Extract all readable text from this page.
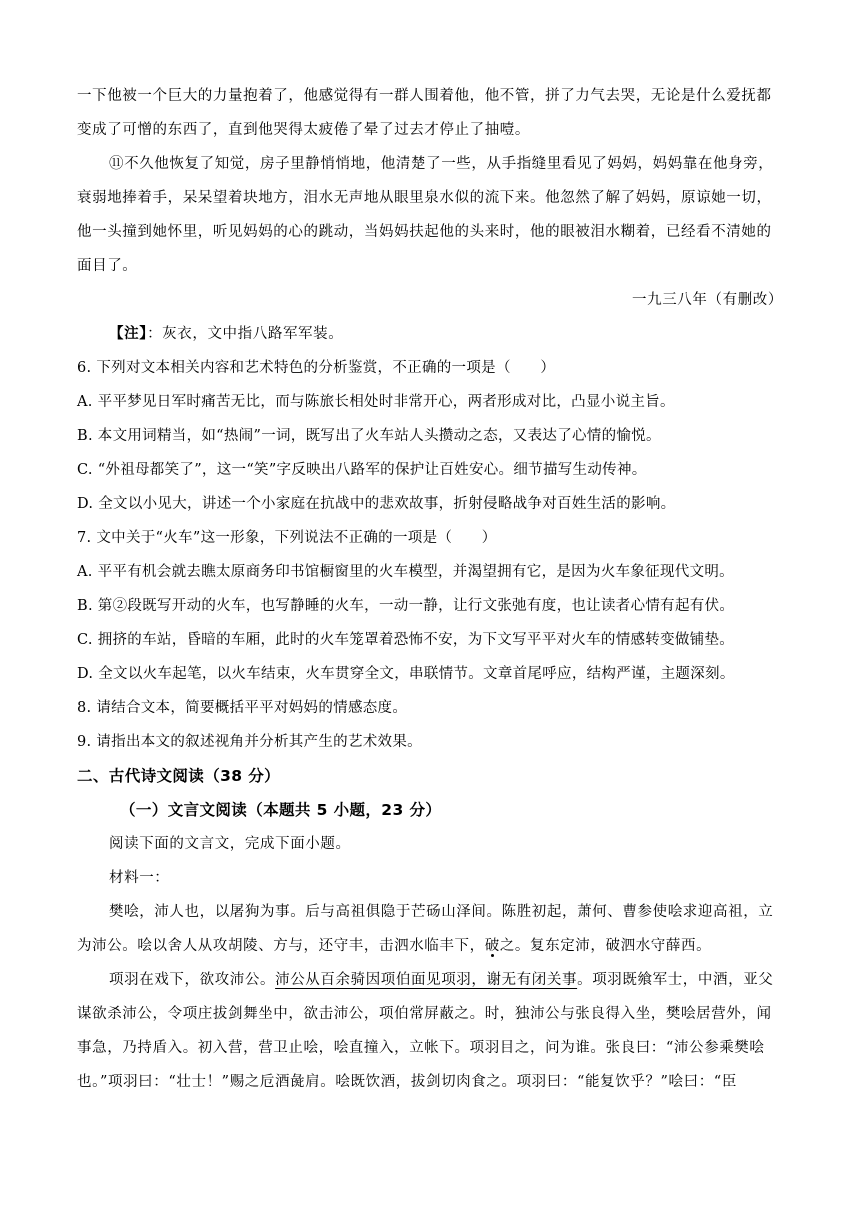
一下他被一个巨大的力量抱着了，他感觉得有一群人围着他，他不管，拼了力气去哭，无论是什么爱抚都
变成了可憎的东西了，直到他哭得太疲倦了晕了过去才停止了抽噎。
⑪不久他恢复了知觉，房子里静悄悄地，他清楚了一些，从手指缝里看见了妈妈，妈妈靠在他身旁，
衰弱地捧着手，呆呆望着块地方，泪水无声地从眼里泉水似的流下来。他忽然了解了妈妈，原谅她一切，
他一头撞到她怀里，听见妈妈的心的跳动，当妈妈扶起他的头来时，他的眼被泪水糊着，已经看不清她的
面目了。
一九三八年（有删改）
【注】：灰衣，文中指八路军军装。
6. 下列对文本相关内容和艺术特色的分析鉴赏，不正确的一项是（　　）
A. 平平梦见日军时痛苦无比，而与陈旅长相处时非常开心，两者形成对比，凸显小说主旨。
B. 本文用词精当，如“热闹”一词，既写出了火车站人头攒动之态，又表达了心情的愉悦。
C. “外祖母都笑了”，这一“笑”字反映出八路军的保护让百姓安心。细节描写生动传神。
D. 全文以小见大，讲述一个小家庭在抗战中的悲欢故事，折射侵略战争对百姓生活的影响。
7. 文中关于“火车”这一形象，下列说法不正确的一项是（　　）
A. 平平有机会就去瞧太原商务印书馆橱窗里的火车模型，并渴望拥有它，是因为火车象征现代文明。
B. 第②段既写开动的火车，也写静睡的火车，一动一静，让行文张弛有度，也让读者心情有起有伏。
C. 拥挤的车站，昏暗的车厢，此时的火车笼罩着恐怖不安，为下文写平平对火车的情感转变做铺垫。
D. 全文以火车起笔，以火车结束，火车贯穿全文，串联情节。文章首尾呼应，结构严谨，主题深刻。
8. 请结合文本，简要概括平平对妈妈的情感态度。
9. 请指出本文的叙述视角并分析其产生的艺术效果。
二、古代诗文阅读（38 分）
（一）文言文阅读（本题共 5 小题，23 分）
阅读下面的文言文，完成下面小题。
材料一：
樊哙，沛人也，以屠狗为事。后与高祖俱隐于芒砀山泽间。陈胜初起，萧何、曹参使哙求迎高祖，立
为沛公。哙以舍人从攻胡陵、方与，还守丰，击泗水临丰下，破之。复东定沛，破泗水守薛西。
项羽在戏下，欲攻沛公。沛公从百余骑因项伯面见项羽，谢无有闭关事。项羽既飨军士，中酒，亚父
谋欲杀沛公，令项庄拔剑舞坐中，欲击沛公，项伯常屏蔽之。时，独沛公与张良得入坐，樊哙居营外，闻
事急，乃持盾入。初入营，营卫止哙，哙直撞入，立帐下。项羽目之，问为谁。张良曰：“沛公参乘樊哙
也。”项羽曰：“壮士！”赐之卮酒彘肩。哙既饮酒，拔剑切肉食之。项羽曰：“能复饮乎？”哙曰：“臣
